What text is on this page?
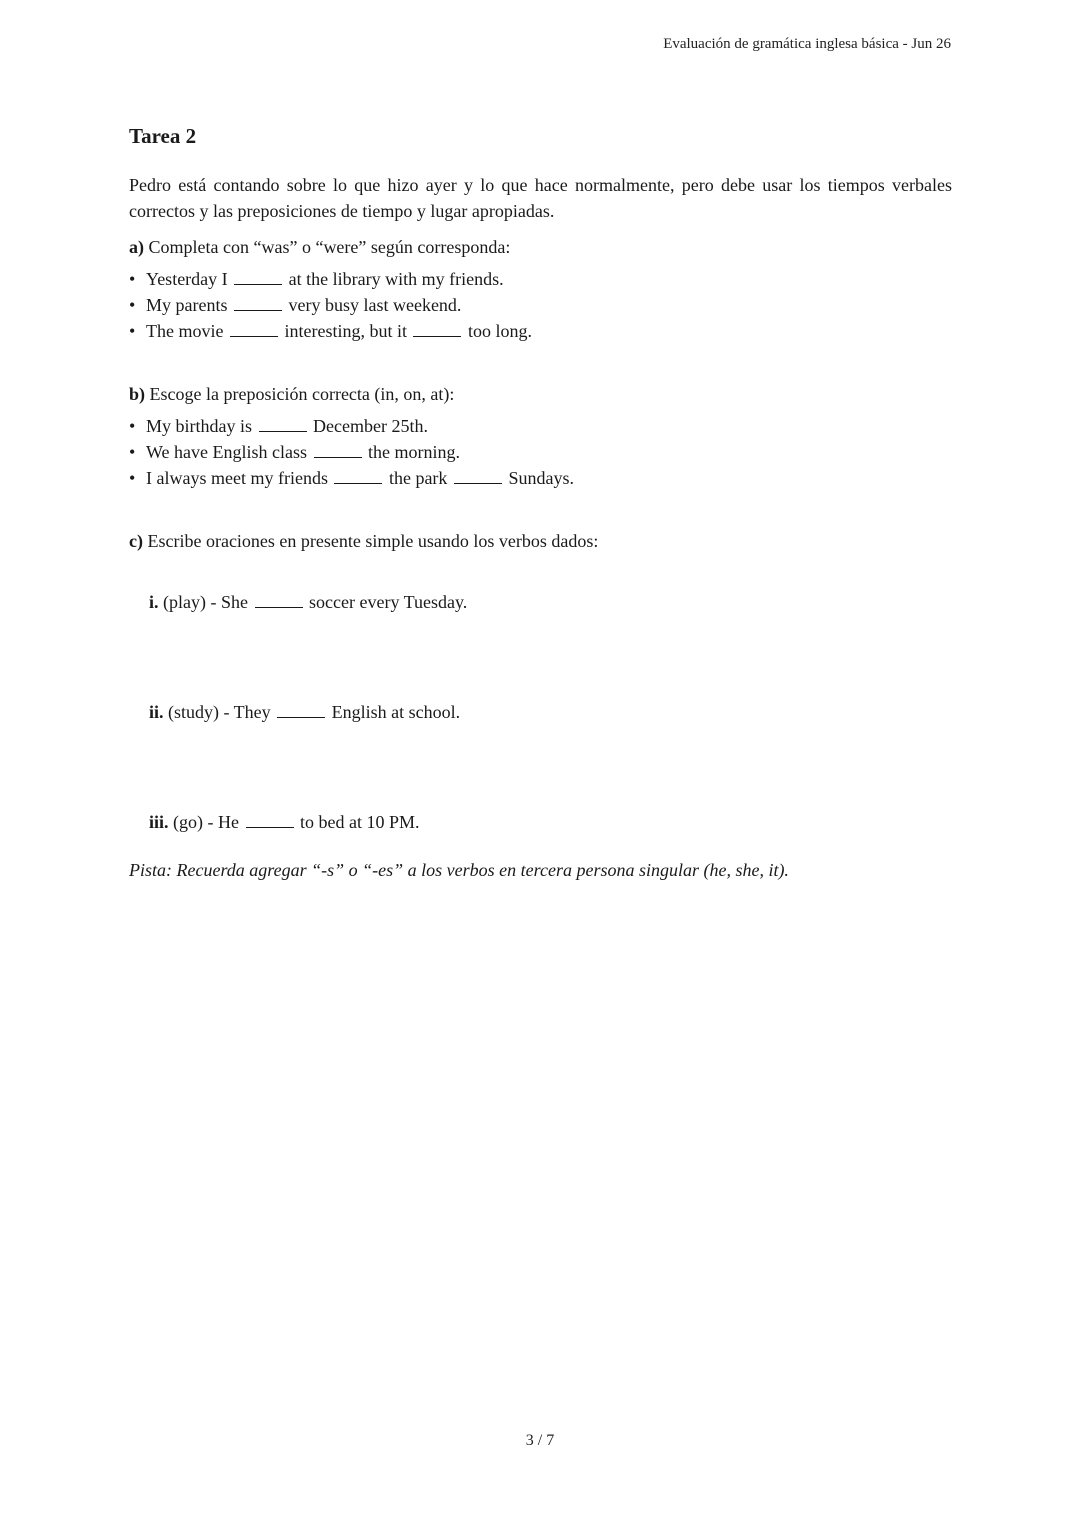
Evaluación de gramática inglesa básica - Jun 26
Tarea 2

Pedro está contando sobre lo que hizo ayer y lo que hace normalmente, pero debe usar los tiempos verbales correctos y las preposiciones de tiempo y lugar apropiadas.

a) Completa con “was” o “were” según corresponda:
• Yesterday I	at the library with my friends.
• My parents	very busy last weekend.
• The movie	interesting, but it	too long.
b) Escoge la preposición correcta (in, on, at):
• My birthday is	December 25th.
• We have English class	the morning.
• I always meet my friends	the park	Sundays.
c) Escribe oraciones en presente simple usando los verbos dados:
i. (play) - She	soccer every Tuesday.
ii. (study) - They	English at school.
iii. (go) - He	to bed at 10 PM.
Pista: Recuerda agregar “-s” o “-es” a los verbos en tercera persona singular (he, she, it).
3 / 7
